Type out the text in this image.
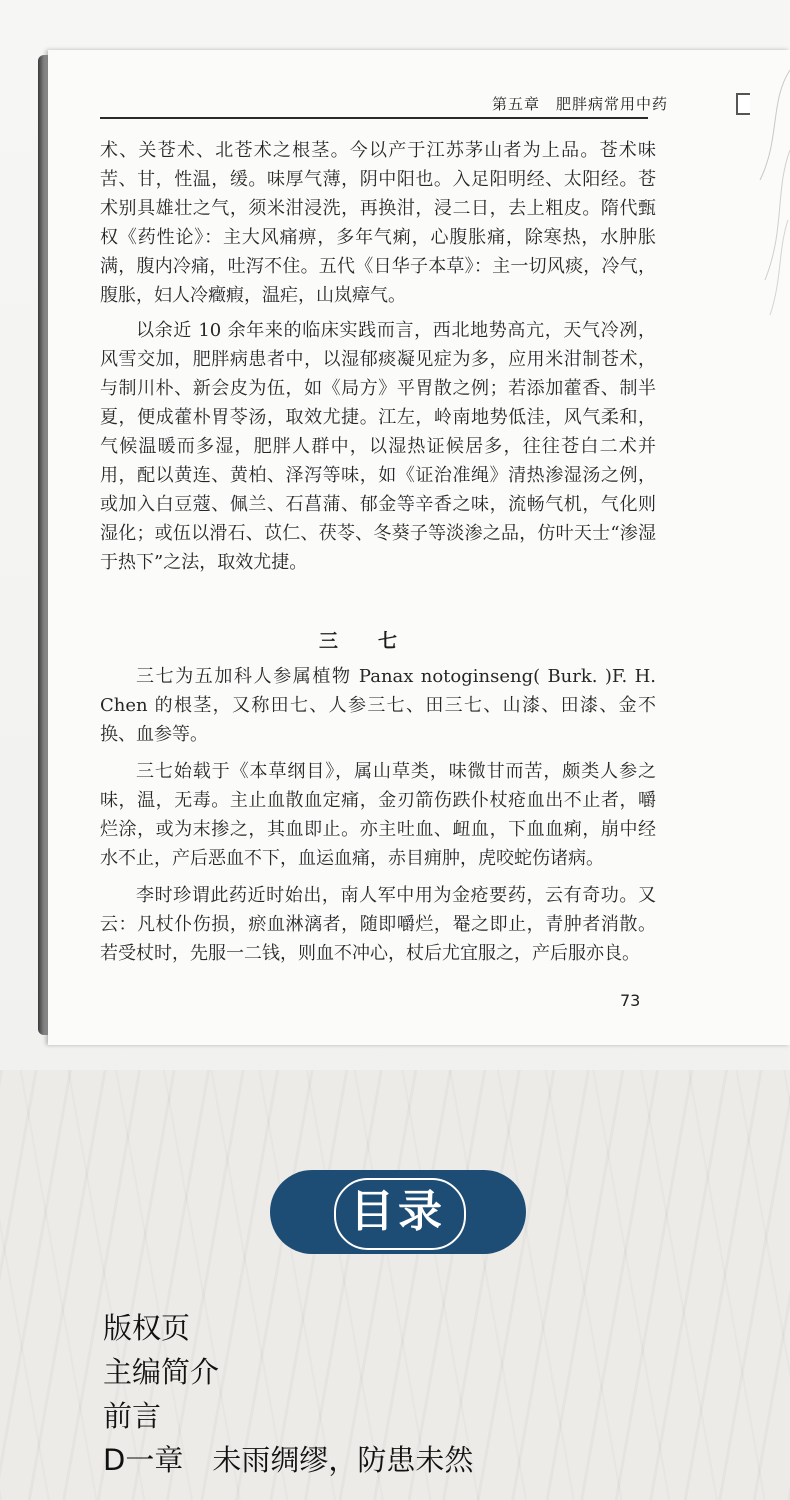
第五章　肥胖病常用中药

术、关苍术、北苍术之根茎。今以产于江苏茅山者为上品。苍术味苦、甘，性温，缓。味厚气薄，阴中阳也。入足阳明经、太阳经。苍术别具雄壮之气，须米泔浸洗，再换泔，浸二日，去上粗皮。隋代甄权《药性论》：主大风痛痹，多年气痢，心腹胀痛，除寒热，水肿胀满，腹内冷痛，吐泻不住。五代《日华子本草》：主一切风痰，冷气，腹胀，妇人冷癥瘕，温疟，山岚瘴气。

以余近 10 余年来的临床实践而言，西北地势高亢，天气冷冽，风雪交加，肥胖病患者中，以湿郁痰凝见症为多，应用米泔制苍术，与制川朴、新会皮为伍，如《局方》平胃散之例；若添加藿香、制半夏，便成藿朴胃苓汤，取效尤捷。江左，岭南地势低洼，风气柔和，气候温暖而多湿，肥胖人群中，以湿热证候居多，往往苍白二术并用，配以黄连、黄柏、泽泻等味，如《证治准绳》清热渗湿汤之例，或加入白豆蔻、佩兰、石菖蒲、郁金等辛香之味，流畅气机，气化则湿化；或伍以滑石、苡仁、茯苓、冬葵子等淡渗之品，仿叶天士“渗湿于热下”之法，取效尤捷。

三七

三七为五加科人参属植物 Panax notoginseng( Burk. )F. H. Chen 的根茎，又称田七、人参三七、田三七、山漆、田漆、金不换、血参等。

三七始载于《本草纲目》，属山草类，味微甘而苦，颇类人参之味，温，无毒。主止血散血定痛，金刃箭伤跌仆杖疮血出不止者，嚼烂涂，或为末掺之，其血即止。亦主吐血、衄血，下血血痢，崩中经水不止，产后恶血不下，血运血痛，赤目痈肿，虎咬蛇伤诸病。

李时珍谓此药近时始出，南人军中用为金疮要药，云有奇功。又云：凡杖仆伤损，瘀血淋漓者，随即嚼烂，罨之即止，青肿者消散。若受杖时，先服一二钱，则血不冲心，杖后尤宜服之，产后服亦良。

73
目录
版权页
主编简介
前言
D一章　未雨绸缪，防患未然
